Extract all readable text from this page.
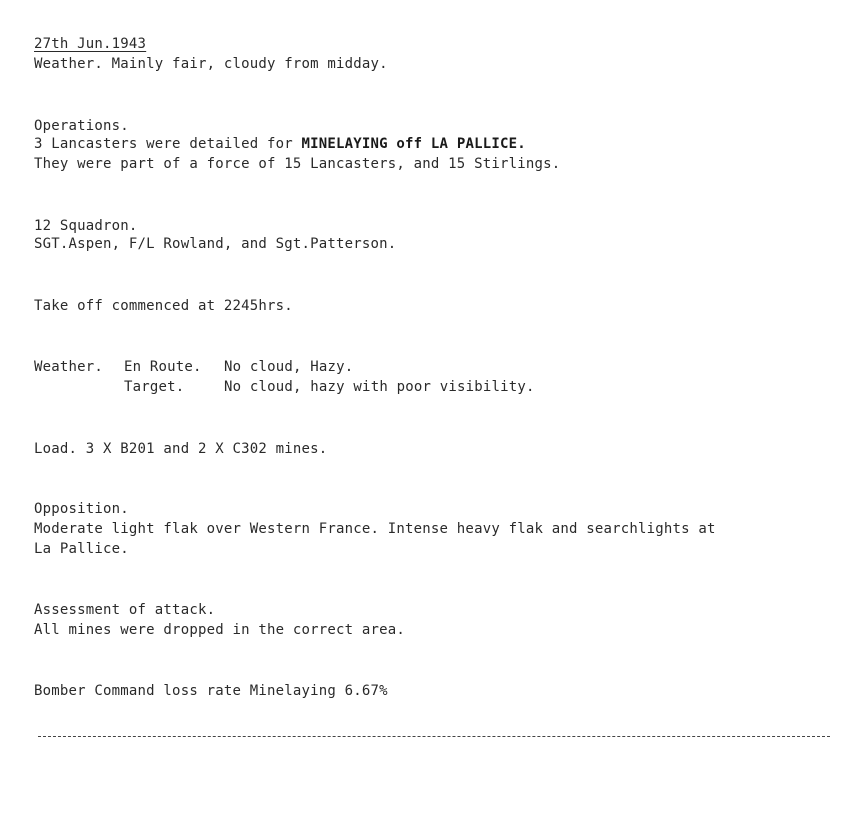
27th Jun.1943
Weather. Mainly fair, cloudy from midday.
Operations.
3 Lancasters were detailed for MINELAYING off LA PALLICE.
They were part of a force of 15 Lancasters, and 15 Stirlings.
12 Squadron.
SGT.Aspen, F/L Rowland, and Sgt.Patterson.
Take off commenced at 2245hrs.
Weather. En Route. No cloud, Hazy.
Target.	No cloud, hazy with poor visibility.
Load. 3 X B201 and 2 X C302 mines.
Opposition.
Moderate light flak over Western France. Intense heavy flak and searchlights at
La Pallice.
Assessment of attack.
All mines were dropped in the correct area.
Bomber Command loss rate Minelaying 6.67%
